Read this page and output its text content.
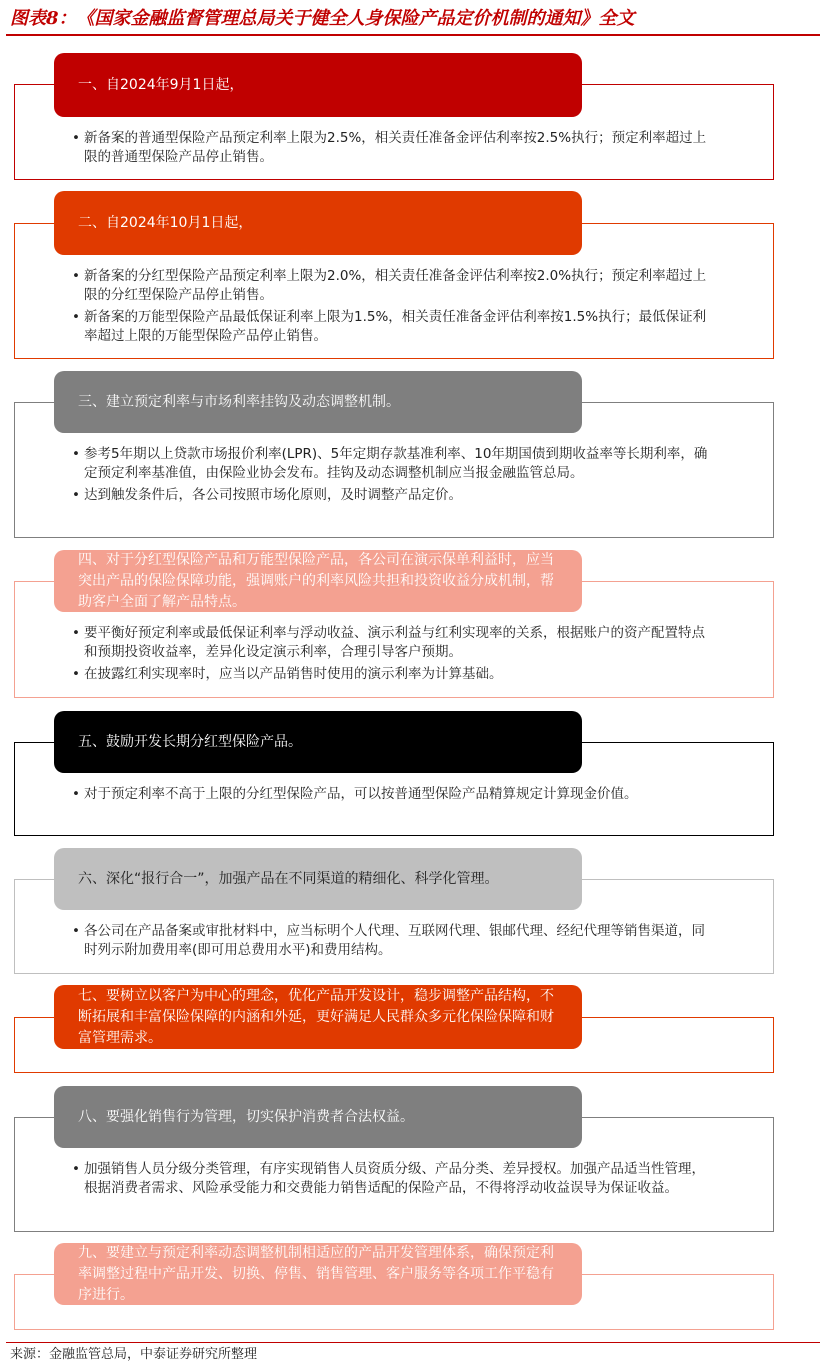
图表8：《国家金融监督管理总局关于健全人身保险产品定价机制的通知》全文
一、自2024年9月1日起，
• 新备案的普通型保险产品预定利率上限为2.5%，相关责任准备金评估利率按2.5%执行；预定利率超过上限的普通型保险产品停止销售。
二、自2024年10月1日起，
• 新备案的分红型保险产品预定利率上限为2.0%，相关责任准备金评估利率按2.0%执行；预定利率超过上限的分红型保险产品停止销售。
• 新备案的万能型保险产品最低保证利率上限为1.5%，相关责任准备金评估利率按1.5%执行；最低保证利率超过上限的万能型保险产品停止销售。
三、建立预定利率与市场利率挂钩及动态调整机制。
• 参考5年期以上贷款市场报价利率(LPR)、5年定期存款基准利率、10年期国债到期收益率等长期利率，确定预定利率基准值，由保险业协会发布。挂钩及动态调整机制应当报金融监管总局。
• 达到触发条件后，各公司按照市场化原则，及时调整产品定价。
四、对于分红型保险产品和万能型保险产品，各公司在演示保单利益时，应当突出产品的保险保障功能，强调账户的利率风险共担和投资收益分成机制，帮助客户全面了解产品特点。
• 要平衡好预定利率或最低保证利率与浮动收益、演示利益与红利实现率的关系，根据账户的资产配置特点和预期投资收益率，差异化设定演示利率，合理引导客户预期。
• 在披露红利实现率时，应当以产品销售时使用的演示利率为计算基础。
五、鼓励开发长期分红型保险产品。
• 对于预定利率不高于上限的分红型保险产品，可以按普通型保险产品精算规定计算现金价值。
六、深化“报行合一”，加强产品在不同渠道的精细化、科学化管理。
• 各公司在产品备案或审批材料中，应当标明个人代理、互联网代理、银邮代理、经纪代理等销售渠道，同时列示附加费用率(即可用总费用水平)和费用结构。
七、要树立以客户为中心的理念，优化产品开发设计，稳步调整产品结构，不断拓展和丰富保险保障的内涵和外延，更好满足人民群众多元化保险保障和财富管理需求。
八、要强化销售行为管理，切实保护消费者合法权益。
• 加强销售人员分级分类管理，有序实现销售人员资质分级、产品分类、差异授权。加强产品适当性管理，根据消费者需求、风险承受能力和交费能力销售适配的保险产品，不得将浮动收益误导为保证收益。
九、要建立与预定利率动态调整机制相适应的产品开发管理体系，确保预定利率调整过程中产品开发、切换、停售、销售管理、客户服务等各项工作平稳有序进行。
来源：金融监管总局，中泰证券研究所整理
